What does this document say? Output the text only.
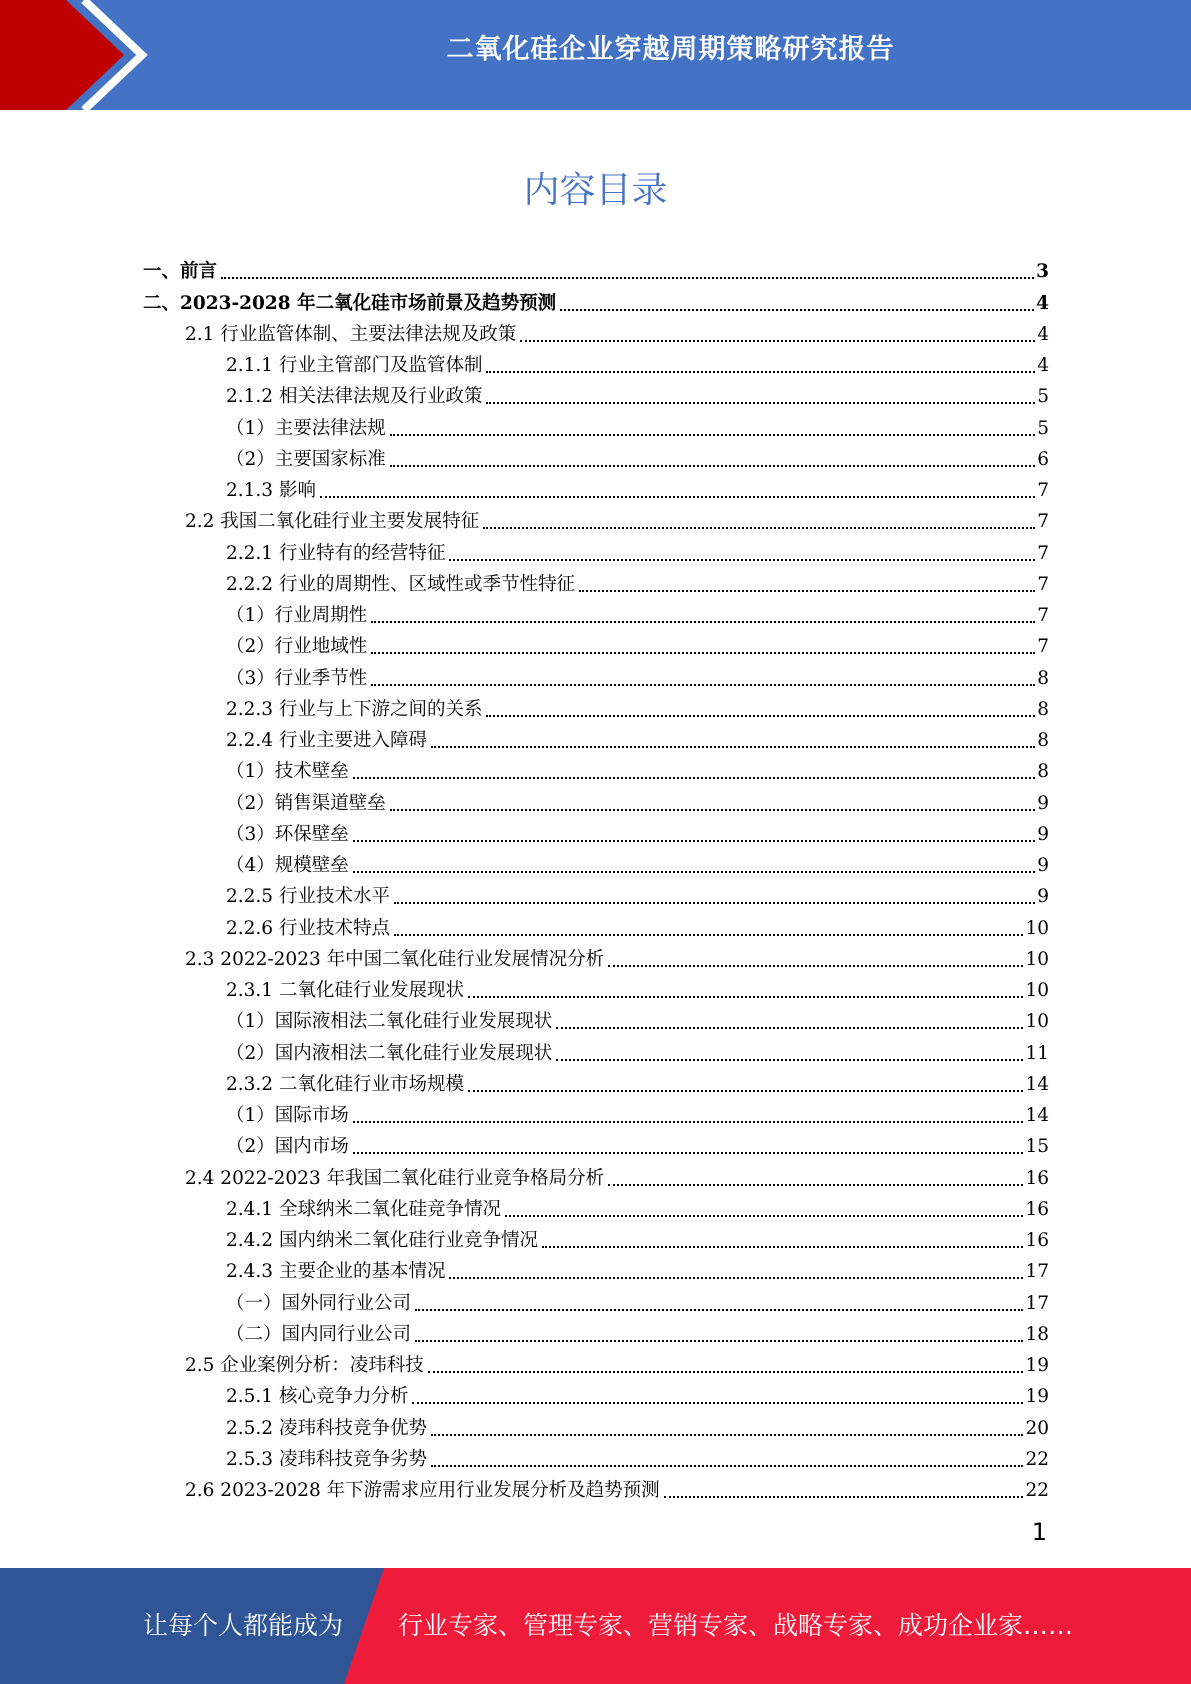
二氧化硅企业穿越周期策略研究报告
内容目录
一、前言	3
二、2023-2028 年二氧化硅市场前景及趋势预测	4
2.1 行业监管体制、主要法律法规及政策	4
2.1.1 行业主管部门及监管体制	4
2.1.2 相关法律法规及行业政策	5
（1）主要法律法规	5
（2）主要国家标准	6
2.1.3 影响	7
2.2 我国二氧化硅行业主要发展特征	7
2.2.1 行业特有的经营特征	7
2.2.2 行业的周期性、区域性或季节性特征	7
（1）行业周期性	7
（2）行业地域性	7
（3）行业季节性	8
2.2.3 行业与上下游之间的关系	8
2.2.4 行业主要进入障碍	8
（1）技术壁垒	8
（2）销售渠道壁垒	9
（3）环保壁垒	9
（4）规模壁垒	9
2.2.5 行业技术水平	9
2.2.6 行业技术特点	10
2.3 2022-2023 年中国二氧化硅行业发展情况分析	10
2.3.1 二氧化硅行业发展现状	10
（1）国际液相法二氧化硅行业发展现状	10
（2）国内液相法二氧化硅行业发展现状	11
2.3.2 二氧化硅行业市场规模	14
（1）国际市场	14
（2）国内市场	15
2.4 2022-2023 年我国二氧化硅行业竞争格局分析	16
2.4.1 全球纳米二氧化硅竞争情况	16
2.4.2 国内纳米二氧化硅行业竞争情况	16
2.4.3 主要企业的基本情况	17
（一）国外同行业公司	17
（二）国内同行业公司	18
2.5 企业案例分析：凌玮科技	19
2.5.1 核心竞争力分析	19
2.5.2 凌玮科技竞争优势	20
2.5.3 凌玮科技竞争劣势	22
2.6 2023-2028 年下游需求应用行业发展分析及趋势预测	22
1
让每个人都能成为 行业专家、管理专家、营销专家、战略专家、成功企业家……
